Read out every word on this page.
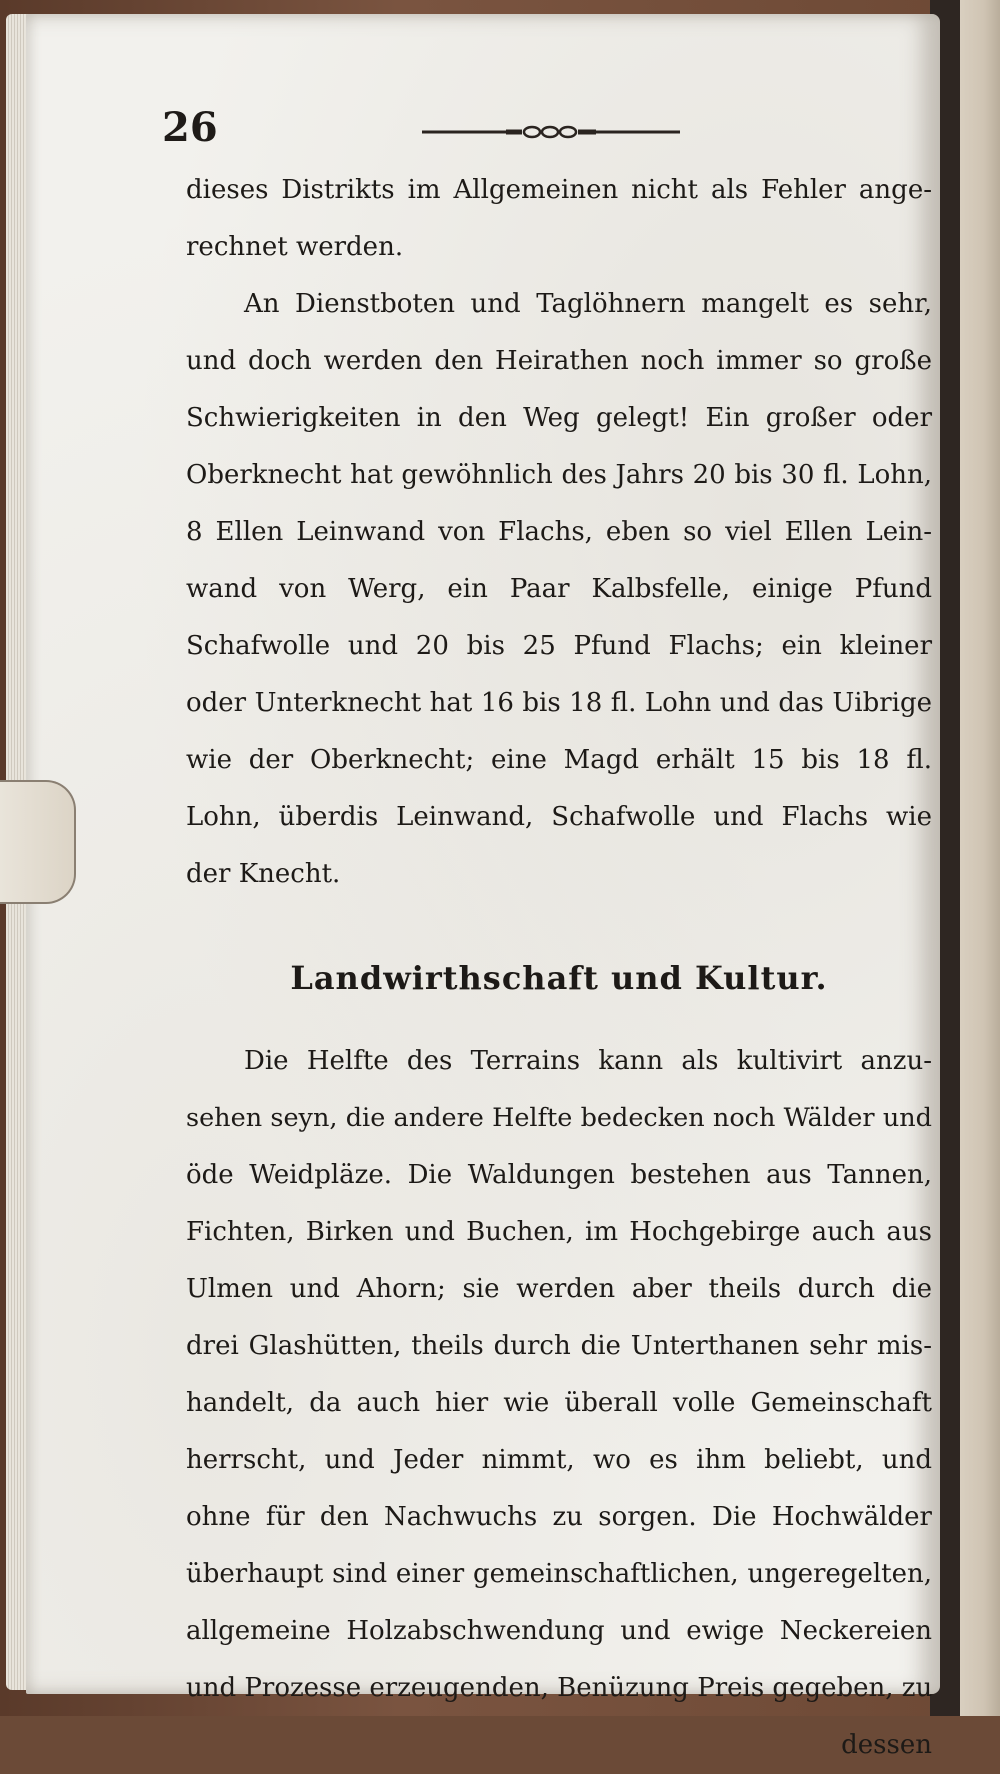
26
dieses Distrikts im Allgemeinen nicht als Fehler ange-
rechnet werden.
An Dienstboten und Taglöhnern mangelt es sehr,
und doch werden den Heirathen noch immer so große
Schwierigkeiten in den Weg gelegt! Ein großer oder
Oberknecht hat gewöhnlich des Jahrs 20 bis 30 fl. Lohn,
8 Ellen Leinwand von Flachs, eben so viel Ellen Lein-
wand von Werg, ein Paar Kalbsfelle, einige Pfund
Schafwolle und 20 bis 25 Pfund Flachs; ein kleiner
oder Unterknecht hat 16 bis 18 fl. Lohn und das Uibrige
wie der Oberknecht; eine Magd erhält 15 bis 18 fl.
Lohn, überdis Leinwand, Schafwolle und Flachs wie
der Knecht.
Landwirthschaft und Kultur.
Die Helfte des Terrains kann als kultivirt anzu-
sehen seyn, die andere Helfte bedecken noch Wälder und
öde Weidpläze. Die Waldungen bestehen aus Tannen,
Fichten, Birken und Buchen, im Hochgebirge auch aus
Ulmen und Ahorn; sie werden aber theils durch die
drei Glashütten, theils durch die Unterthanen sehr mis-
handelt, da auch hier wie überall volle Gemeinschaft
herrscht, und Jeder nimmt, wo es ihm beliebt, und
ohne für den Nachwuchs zu sorgen. Die Hochwälder
überhaupt sind einer gemeinschaftlichen, ungeregelten,
allgemeine Holzabschwendung und ewige Neckereien
und Prozesse erzeugenden, Benüzung Preis gegeben, zu
dessen
